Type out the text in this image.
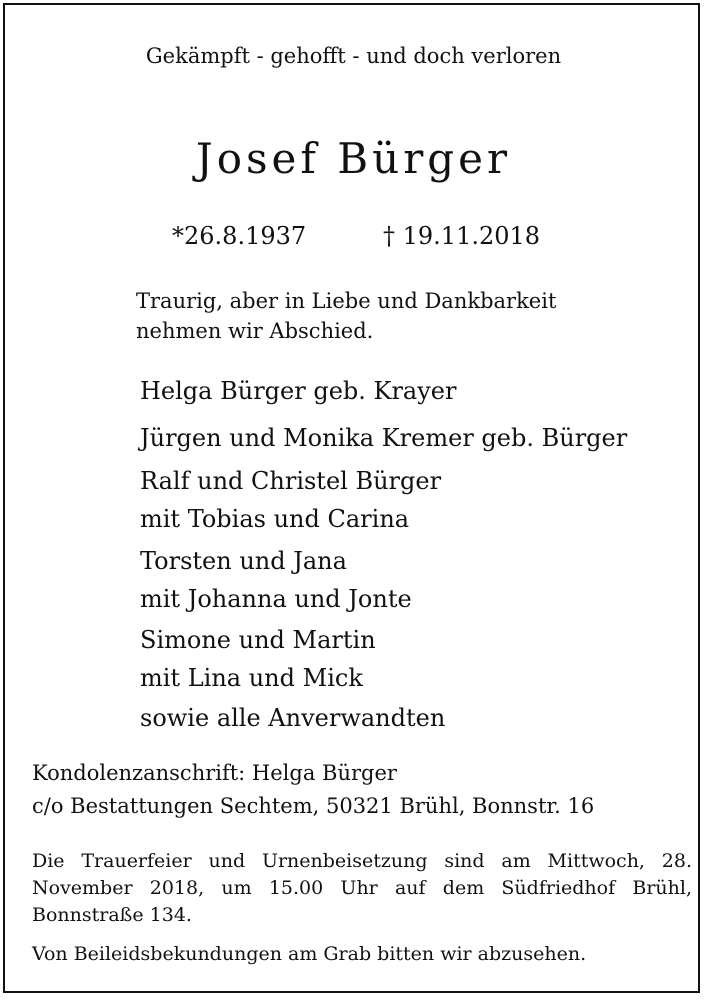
Gekämpft - gehofft - und doch verloren
Josef Bürger
*26.8.1937	† 19.11.2018
Traurig, aber in Liebe und Dankbarkeit
nehmen wir Abschied.
Helga Bürger geb. Krayer
Jürgen und Monika Kremer geb. Bürger
Ralf und Christel Bürger
mit Tobias und Carina
Torsten und Jana
mit Johanna und Jonte
Simone und Martin
mit Lina und Mick
sowie alle Anverwandten
Kondolenzanschrift: Helga Bürger
c/o Bestattungen Sechtem, 50321 Brühl, Bonnstr. 16
Die Trauerfeier und Urnenbeisetzung sind am Mittwoch, 28. November 2018, um 15.00 Uhr auf dem Südfriedhof Brühl, Bonnstraße 134.
Von Beileidsbekundungen am Grab bitten wir abzusehen.
